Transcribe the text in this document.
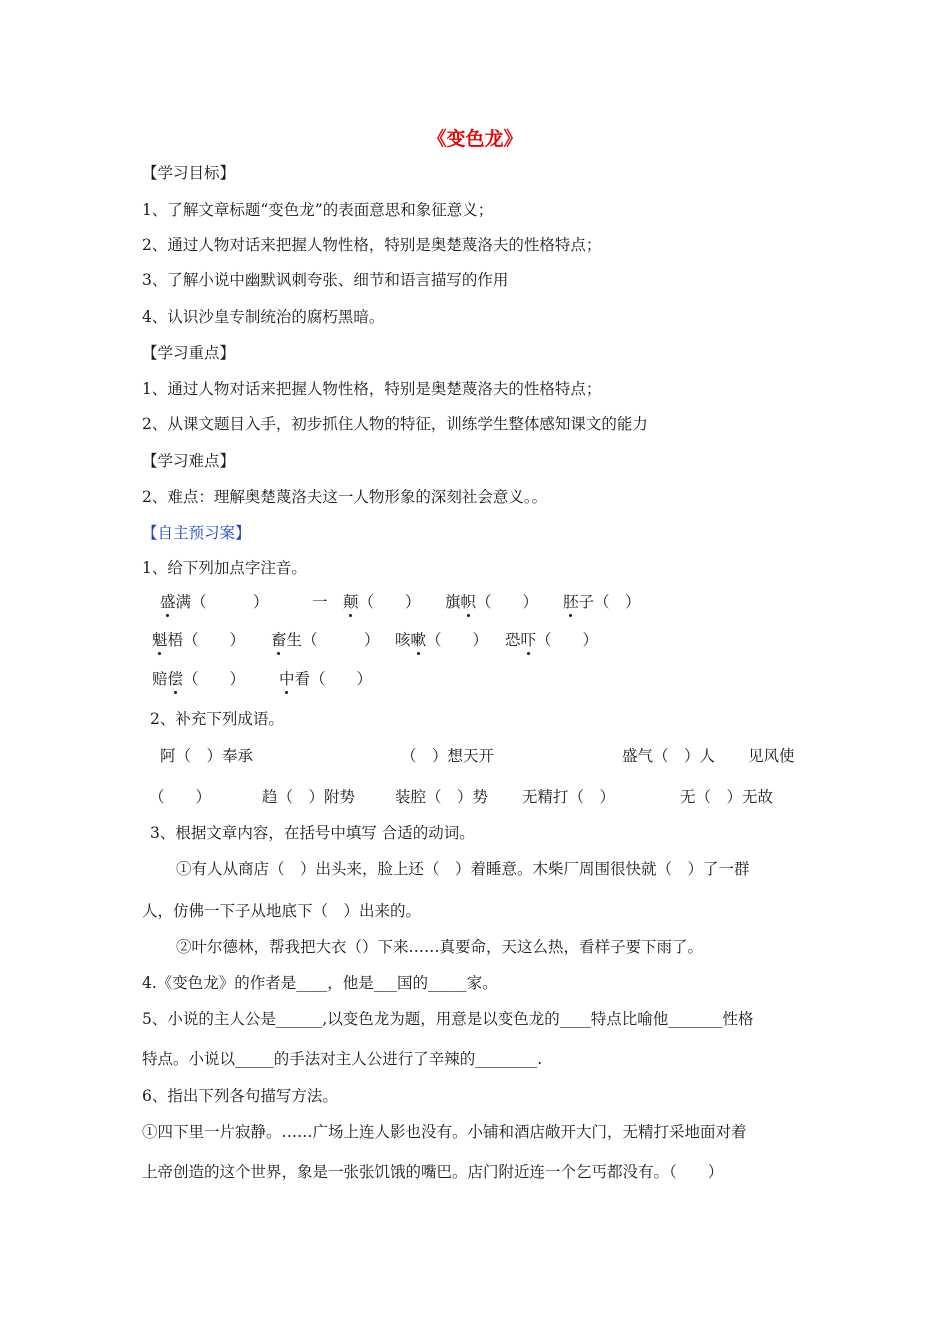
《变色龙》

【学习目标】

1、了解文章标题“变色龙”的表面意思和象征意义；

2、通过人物对话来把握人物性格，特别是奥楚蔑洛夫的性格特点；

3、了解小说中幽默讽刺夸张、细节和语言描写的作用

4、认识沙皇专制统治的腐朽黑暗。

【学习重点】

1、通过人物对话来把握人物性格，特别是奥楚蔑洛夫的性格特点；

2、从课文题目入手，初步抓住人物的特征，训练学生整体感知课文的能力

【学习难点】

2、难点：理解奥楚蔑洛夫这一人物形象的深刻社会意义。。

【自主预习案】

1、给下列加点字注音。

盛满（　　　）	一　颠（　　） 旗帜（　　） 胚子（　）

魁梧（　　） 畜生（　　　） 咳嗽（　　） 恐吓（　　）

赔偿（　　） 中看（　　）

2、补充下列成语。

阿（　）奉承	（　）想天开	盛气（　）人 见风使

（　　）	趋（　）附势	装腔（　）势 无精打（　）	无（　）无故

3、根据文章内容，在括号中填写 合适的动词。

①有人从商店（　）出头来，脸上还（　）着睡意。木柴厂周围很快就（　）了一群

人，仿佛一下子从地底下（　）出来的。

②叶尔德林，帮我把大衣（）下来……真要命，天这么热，看样子要下雨了。

4.《变色龙》的作者是____，他是___国的_____家。

5、小说的主人公是______,以变色龙为题，用意是以变色龙的____特点比喻他_______性格

特点。小说以_____的手法对主人公进行了辛辣的________.

6、指出下列各句描写方法。

①四下里一片寂静。……广场上连人影也没有。小铺和酒店敞开大门，无精打采地面对着

上帝创造的这个世界，象是一张张饥饿的嘴巴。店门附近连一个乞丐都没有。（　　）
